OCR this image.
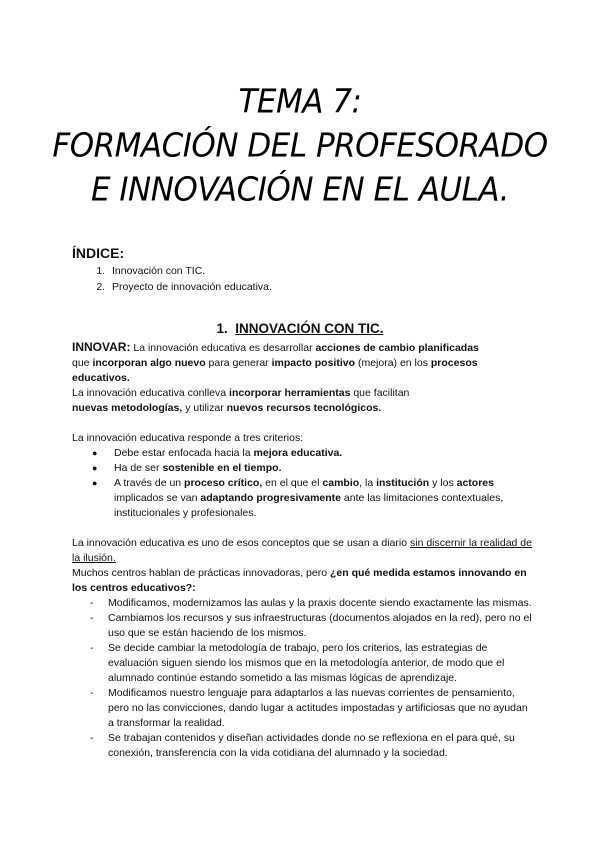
TEMA 7:
FORMACIÓN DEL PROFESORADO
E INNOVACIÓN EN EL AULA.
ÍNDICE:
1. Innovación con TIC.
2. Proyecto de innovación educativa.
1. INNOVACIÓN CON TIC.

INNOVAR: La innovación educativa es desarrollar acciones de cambio planificadas
que incorporan algo nuevo para generar impacto positivo (mejora) en los procesos educativos.

La innovación educativa conlleva incorporar herramientas que facilitan
nuevas metodologías, y utilizar nuevos recursos tecnológicos.

La innovación educativa responde a tres criterios:

● Debe estar enfocada hacia la mejora educativa.
● Ha de ser sostenible en el tiempo.
● A través de un proceso crítico, en el que el cambio, la institución y los actores implicados se van adaptando progresivamente ante las limitaciones contextuales, institucionales y profesionales.

La innovación educativa es uno de esos conceptos que se usan a diario sin discernir la realidad de la ilusión.

Muchos centros hablan de prácticas innovadoras, pero ¿en qué medida estamos innovando en los centros educativos?:

- Modificamos, modernizamos las aulas y la praxis docente siendo exactamente las mismas.
- Cambiamos los recursos y sus infraestructuras (documentos alojados en la red), pero no el uso que se están haciendo de los mismos.
- Se decide cambiar la metodología de trabajo, pero los criterios, las estrategias de evaluación siguen siendo los mismos que en la metodología anterior, de modo que el alumnado continúe estando sometido a las mismas lógicas de aprendizaje.
- Modificamos nuestro lenguaje para adaptarlos a las nuevas corrientes de pensamiento, pero no las convicciones, dando lugar a actitudes impostadas y artificiosas que no ayudan a transformar la realidad.
- Se trabajan contenidos y diseñan actividades donde no se reflexiona en el para qué, su conexión, transferencia con la vida cotidiana del alumnado y la sociedad.
